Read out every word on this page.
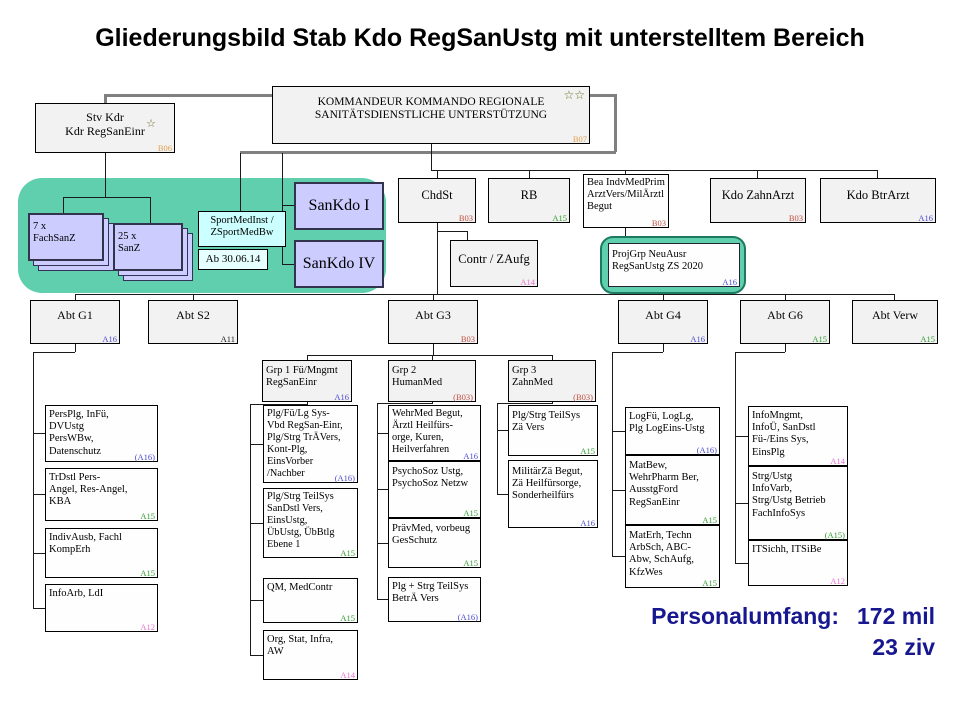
Gliederungsbild Stab Kdo RegSanUstg mit unterstelltem Bereich
KOMMANDEUR KOMMANDO REGIONALE
SANITÄTSDIENSTLICHE UNTERSTÜTZUNG
B07
☆☆
Stv Kdr
Kdr RegSanEinr
B06
☆
7 x
FachSanZ	25 x
SanZ
SportMedInst /
ZSportMedBw
Ab 30.06.14
SanKdo I
SanKdo IV
ChdSt
B03
RB
A15
Bea IndvMedPrim
ArztVers/MilÄrztl
Begut
B03
Kdo ZahnArzt
B03
Kdo BtrArzt
A16
Contr / ZAufg
A14
ProjGrp NeuAusr
RegSanUstg ZS 2020
A16
Abt G1
A16
Abt S2
A11
Abt G3
B03
Abt G4
A16
Abt G6
A15
Abt Verw
A15
Grp 1 Fü/Mngmt
RegSanEinr
A16
Grp 2
HumanMed
(B03)
Grp 3
ZahnMed
(B03)
PersPlg, InFü,
DVUstg
PersWBw,
Datenschutz	(A16)
TrDstl Pers-
Angel, Res-Angel,
KBA
A15
IndivAusb, Fachl
KompErh
A15
InfoArb, LdI
A12
Plg/Fü/Lg Sys-
Vbd RegSan-Einr,
Plg/Strg TrÄVers,
Kont-Plg,
EinsVorber
/Nachber	(A16)
Plg/Strg TeilSys
SanDstl Vers,
EinsUstg,
ÜbUstg, ÜbBtlg
Ebene 1
A15
QM, MedContr
A15
Org, Stat, Infra,
AW
A14
WehrMed Begut,
Ärztl Heilfürs-
orge, Kuren,
Heilverfahren
A16
PsychoSoz Ustg,
PsychoSoz Netzw
A15
PrävMed, vorbeug
GesSchutz
A15
Plg + Strg TeilSys
BetrÄ Vers
(A16)
Plg/Strg TeilSys
Zä Vers
A15
MilitärZä Begut,
Zä Heilfürsorge,
Sonderheilfürs
A16
LogFü, LogLg,
Plg LogEins-Ustg
(A16)
MatBew,
WehrPharm Ber,
AusstgFord
RegSanEinr
A15
MatErh, Techn
ArbSch, ABC-
Abw, SchAufg,
KfzWes
A15
InfoMngmt,
InfoÜ, SanDstl
Fü-/Eins Sys,
EinsPlg
A14
Strg/Ustg
InfoVarb,
Strg/Ustg Betrieb
FachInfoSys
(A15)
ITSichh, ITSiBe
A12
Personalumfang: 172 mil
23 ziv
